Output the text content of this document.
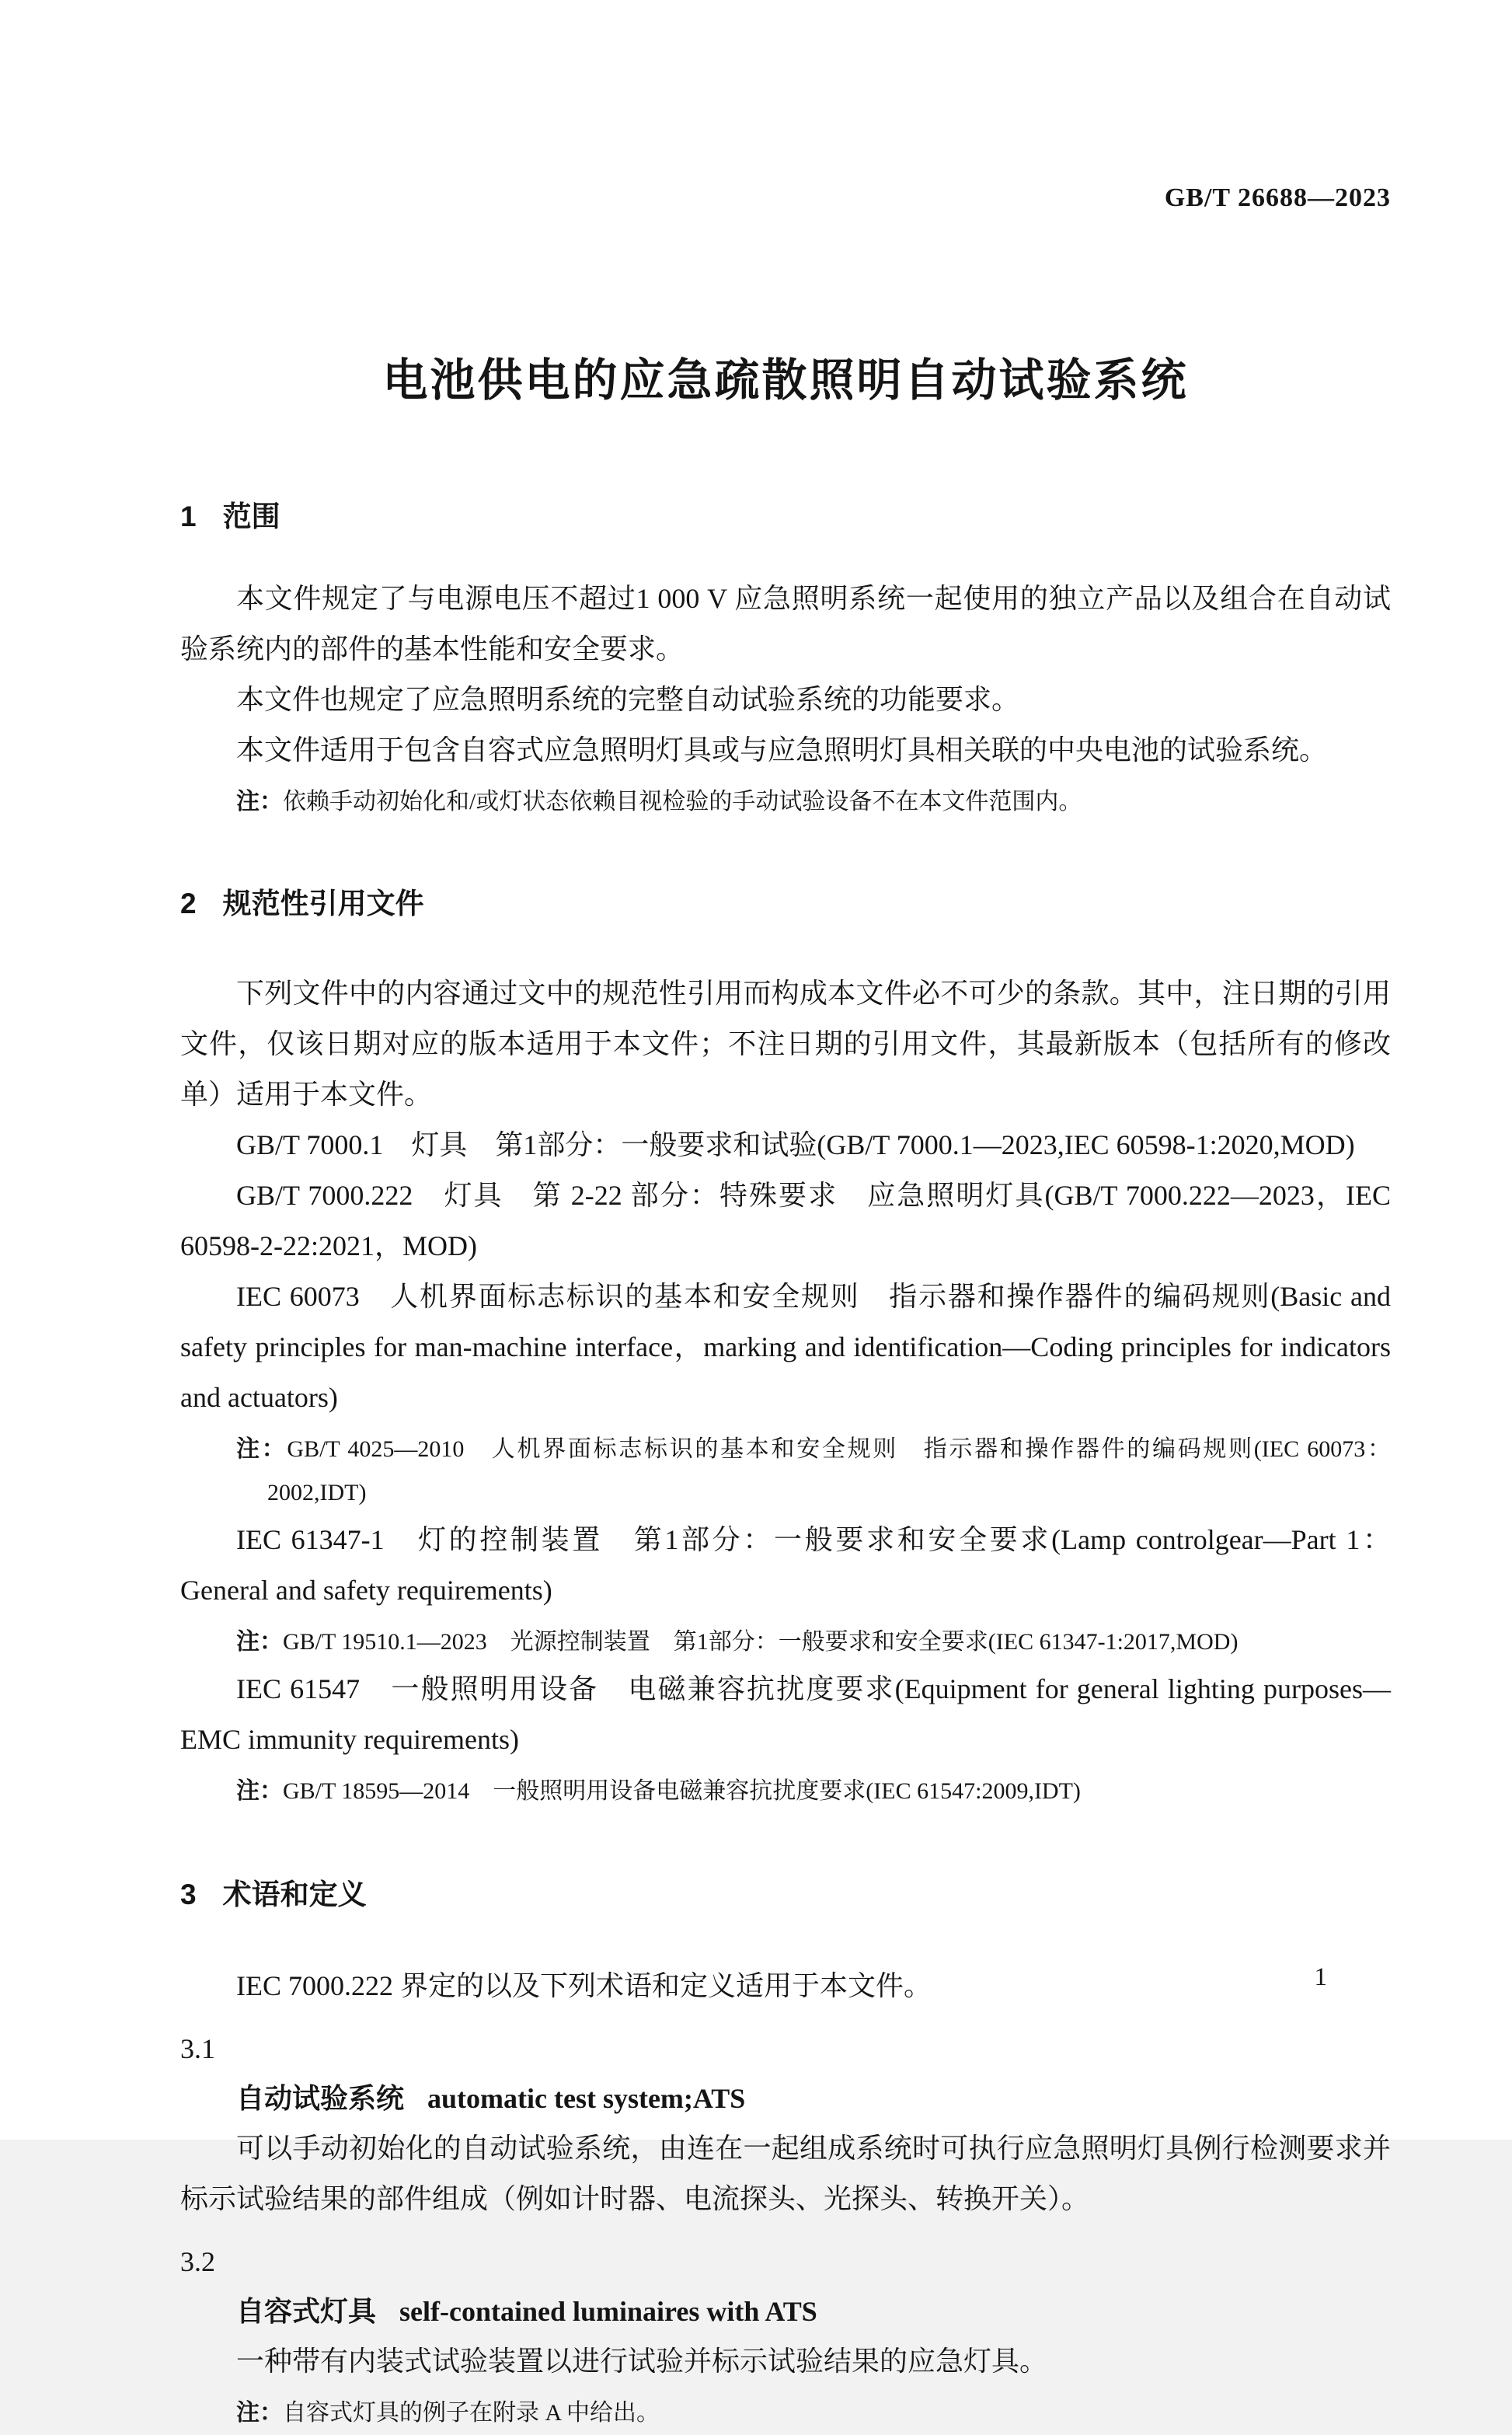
GB/T 26688—2023
电池供电的应急疏散照明自动试验系统
1 范围

本文件规定了与电源电压不超过1 000 V 应急照明系统一起使用的独立产品以及组合在自动试验系统内的部件的基本性能和安全要求。

本文件也规定了应急照明系统的完整自动试验系统的功能要求。

本文件适用于包含自容式应急照明灯具或与应急照明灯具相关联的中央电池的试验系统。

注：依赖手动初始化和/或灯状态依赖目视检验的手动试验设备不在本文件范围内。

2 规范性引用文件

下列文件中的内容通过文中的规范性引用而构成本文件必不可少的条款。其中，注日期的引用文件，仅该日期对应的版本适用于本文件；不注日期的引用文件，其最新版本（包括所有的修改单）适用于本文件。

GB/T 7000.1　灯具　第1部分：一般要求和试验(GB/T 7000.1—2023,IEC 60598-1:2020,MOD)

GB/T 7000.222　灯具　第 2-22 部分：特殊要求　应急照明灯具(GB/T 7000.222—2023，IEC 60598-2-22:2021，MOD)

IEC 60073　人机界面标志标识的基本和安全规则　指示器和操作器件的编码规则(Basic and safety principles for man-machine interface，marking and identification—Coding principles for indicators and actuators)

注：GB/T 4025—2010　人机界面标志标识的基本和安全规则　指示器和操作器件的编码规则(IEC 60073：2002,IDT)

IEC 61347-1　灯的控制装置　第1部分：一般要求和安全要求(Lamp controlgear—Part 1：General and safety requirements)

注：GB/T 19510.1—2023　光源控制装置　第1部分：一般要求和安全要求(IEC 61347-1:2017,MOD)

IEC 61547　一般照明用设备　电磁兼容抗扰度要求(Equipment for general lighting purposes—EMC immunity requirements)

注：GB/T 18595—2014　一般照明用设备电磁兼容抗扰度要求(IEC 61547:2009,IDT)

3 术语和定义

IEC 7000.222 界定的以及下列术语和定义适用于本文件。

3.1
自动试验系统 automatic test system;ATS

可以手动初始化的自动试验系统，由连在一起组成系统时可执行应急照明灯具例行检测要求并标示试验结果的部件组成（例如计时器、电流探头、光探头、转换开关）。

3.2
自容式灯具 self-contained luminaires with ATS

一种带有内装式试验装置以进行试验并标示试验结果的应急灯具。

注：自容式灯具的例子在附录 A 中给出。

1
